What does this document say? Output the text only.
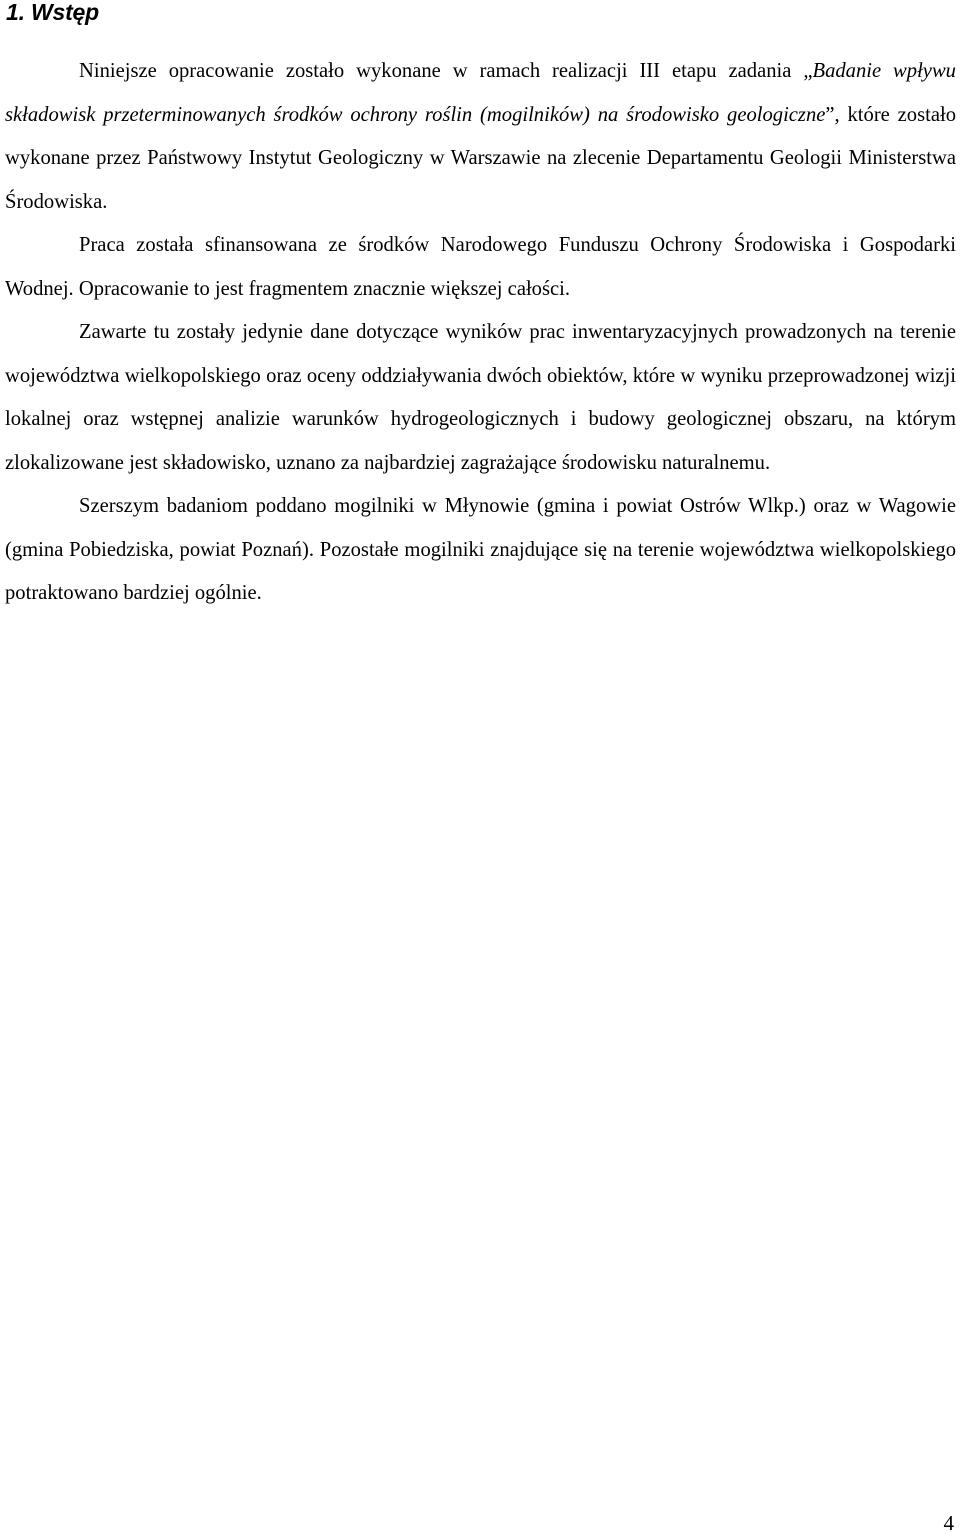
1. Wstęp

Niniejsze opracowanie zostało wykonane w ramach realizacji III etapu zadania „Badanie wpływu składowisk przeterminowanych środków ochrony roślin (mogilników) na środowisko geologiczne”, które zostało wykonane przez Państwowy Instytut Geologiczny w Warszawie na zlecenie Departamentu Geologii Ministerstwa Środowiska.

Praca została sfinansowana ze środków Narodowego Funduszu Ochrony Środowiska i Gospodarki Wodnej. Opracowanie to jest fragmentem znacznie większej całości.

Zawarte tu zostały jedynie dane dotyczące wyników prac inwentaryzacyjnych prowadzonych na terenie województwa wielkopolskiego oraz oceny oddziaływania dwóch obiektów, które w wyniku przeprowadzonej wizji lokalnej oraz wstępnej analizie warunków hydrogeologicznych i budowy geologicznej obszaru, na którym zlokalizowane jest składowisko, uznano za najbardziej zagrażające środowisku naturalnemu.

Szerszym badaniom poddano mogilniki w Młynowie (gmina i powiat Ostrów Wlkp.) oraz w Wagowie (gmina Pobiedziska, powiat Poznań). Pozostałe mogilniki znajdujące się na terenie województwa wielkopolskiego potraktowano bardziej ogólnie.

4
